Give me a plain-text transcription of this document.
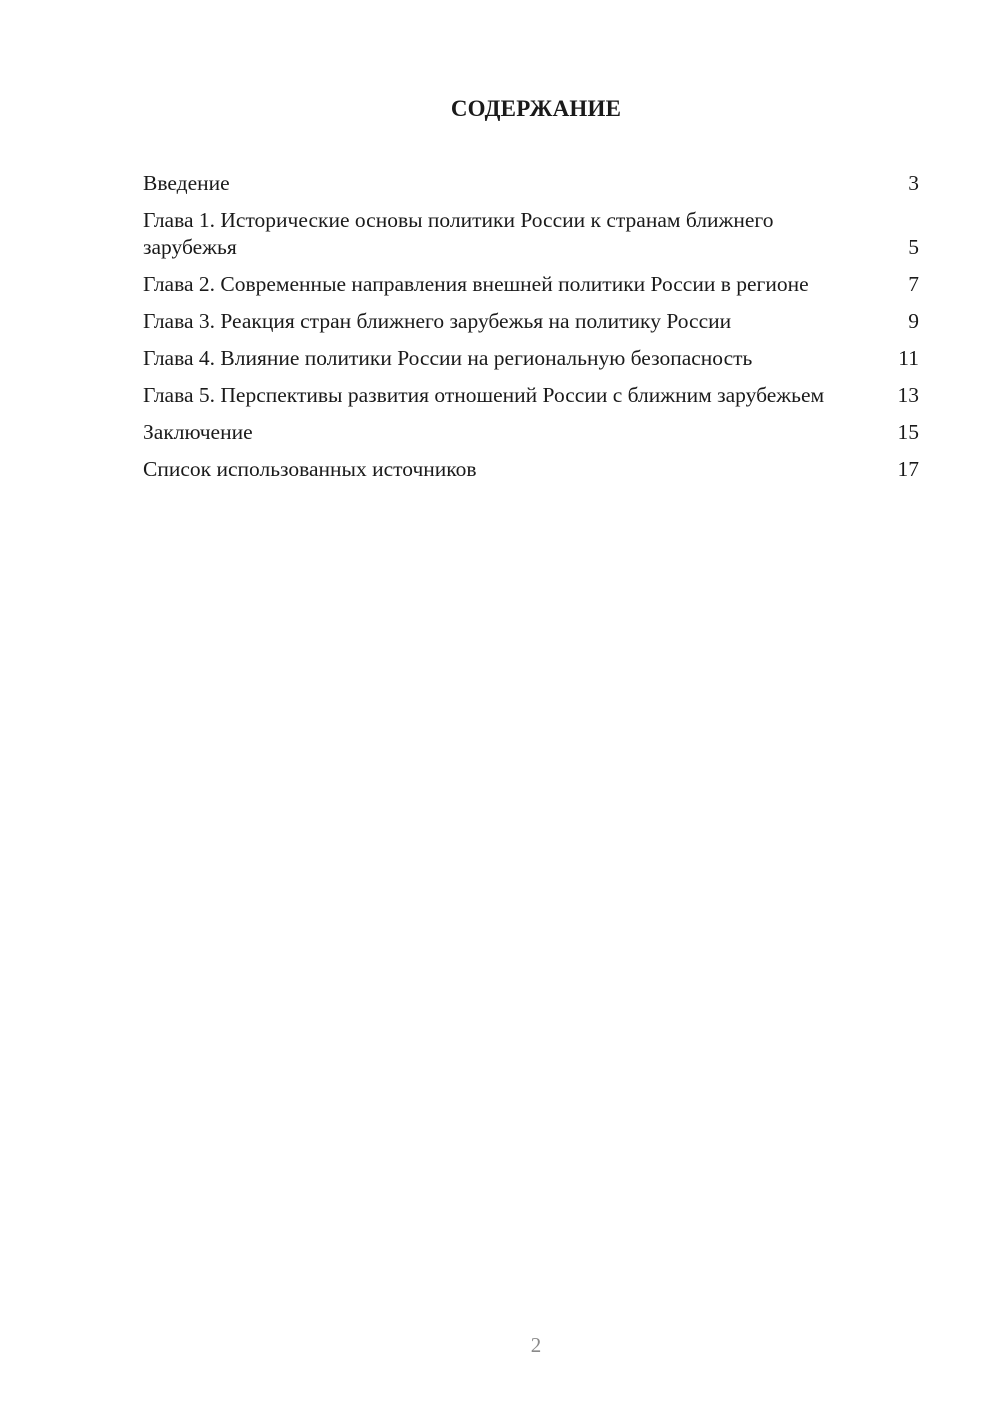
СОДЕРЖАНИЕ
Введение	3
Глава 1. Исторические основы политики России к странам ближнего зарубежья	5
Глава 2. Современные направления внешней политики России в регионе	7
Глава 3. Реакция стран ближнего зарубежья на политику России	9
Глава 4. Влияние политики России на региональную безопасность	11
Глава 5. Перспективы развития отношений России с ближним зарубежьем	13
Заключение	15
Список использованных источников	17
2
